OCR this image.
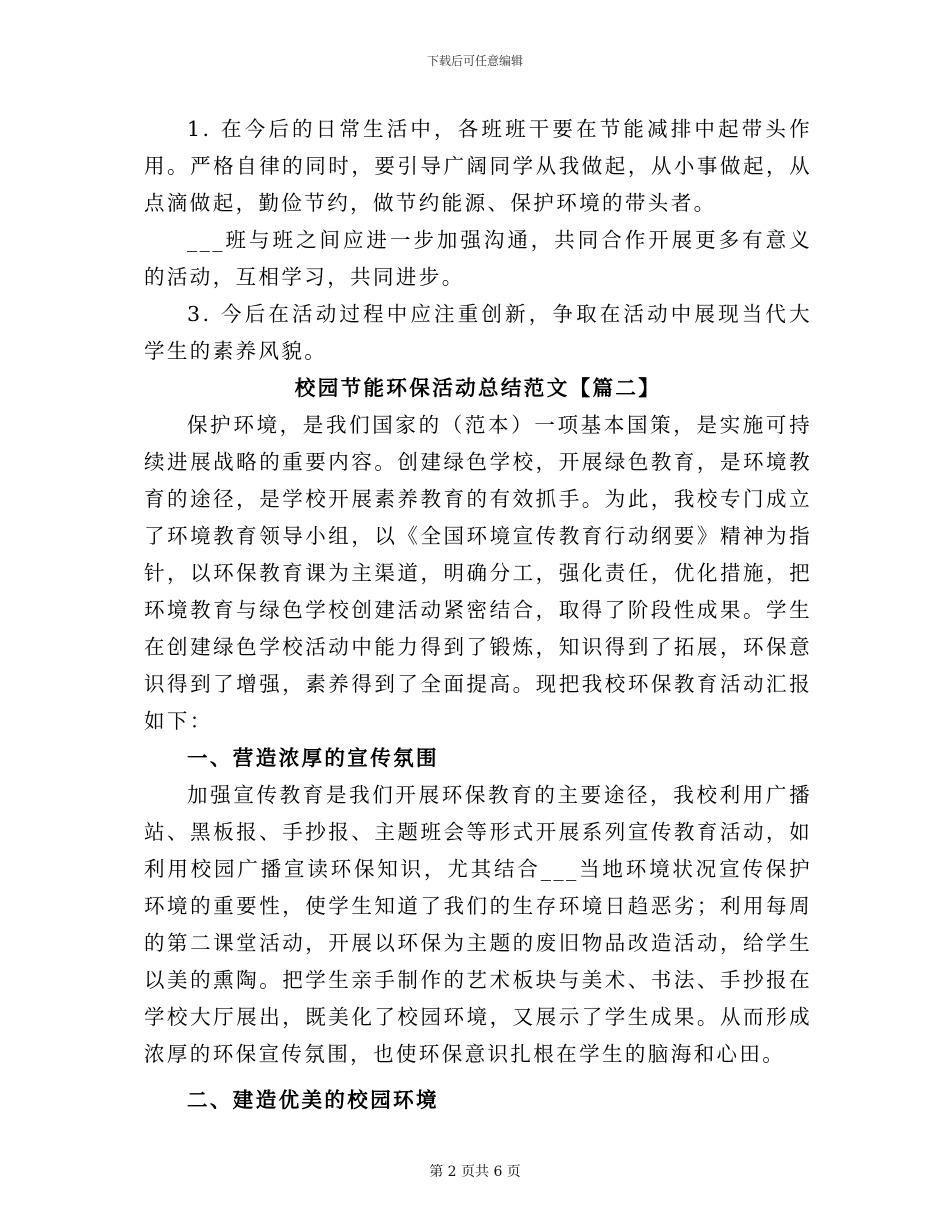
下载后可任意编辑

1. 在今后的日常生活中，各班班干要在节能减排中起带头作用。严格自律的同时，要引导广阔同学从我做起，从小事做起，从点滴做起，勤俭节约，做节约能源、保护环境的带头者。

___班与班之间应进一步加强沟通，共同合作开展更多有意义的活动，互相学习，共同进步。

3. 今后在活动过程中应注重创新，争取在活动中展现当代大学生的素养风貌。

校园节能环保活动总结范文【篇二】

保护环境，是我们国家的（范本）一项基本国策，是实施可持续进展战略的重要内容。创建绿色学校，开展绿色教育，是环境教育的途径，是学校开展素养教育的有效抓手。为此，我校专门成立了环境教育领导小组，以《全国环境宣传教育行动纲要》精神为指针，以环保教育课为主渠道，明确分工，强化责任，优化措施，把环境教育与绿色学校创建活动紧密结合，取得了阶段性成果。学生在创建绿色学校活动中能力得到了锻炼，知识得到了拓展，环保意识得到了增强，素养得到了全面提高。现把我校环保教育活动汇报如下：

一、营造浓厚的宣传氛围

加强宣传教育是我们开展环保教育的主要途径，我校利用广播站、黑板报、手抄报、主题班会等形式开展系列宣传教育活动，如利用校园广播宣读环保知识，尤其结合___当地环境状况宣传保护环境的重要性，使学生知道了我们的生存环境日趋恶劣；利用每周的第二课堂活动，开展以环保为主题的废旧物品改造活动，给学生以美的熏陶。把学生亲手制作的艺术板块与美术、书法、手抄报在学校大厅展出，既美化了校园环境，又展示了学生成果。从而形成浓厚的环保宣传氛围，也使环保意识扎根在学生的脑海和心田。

二、建造优美的校园环境

第 2 页共 6 页
